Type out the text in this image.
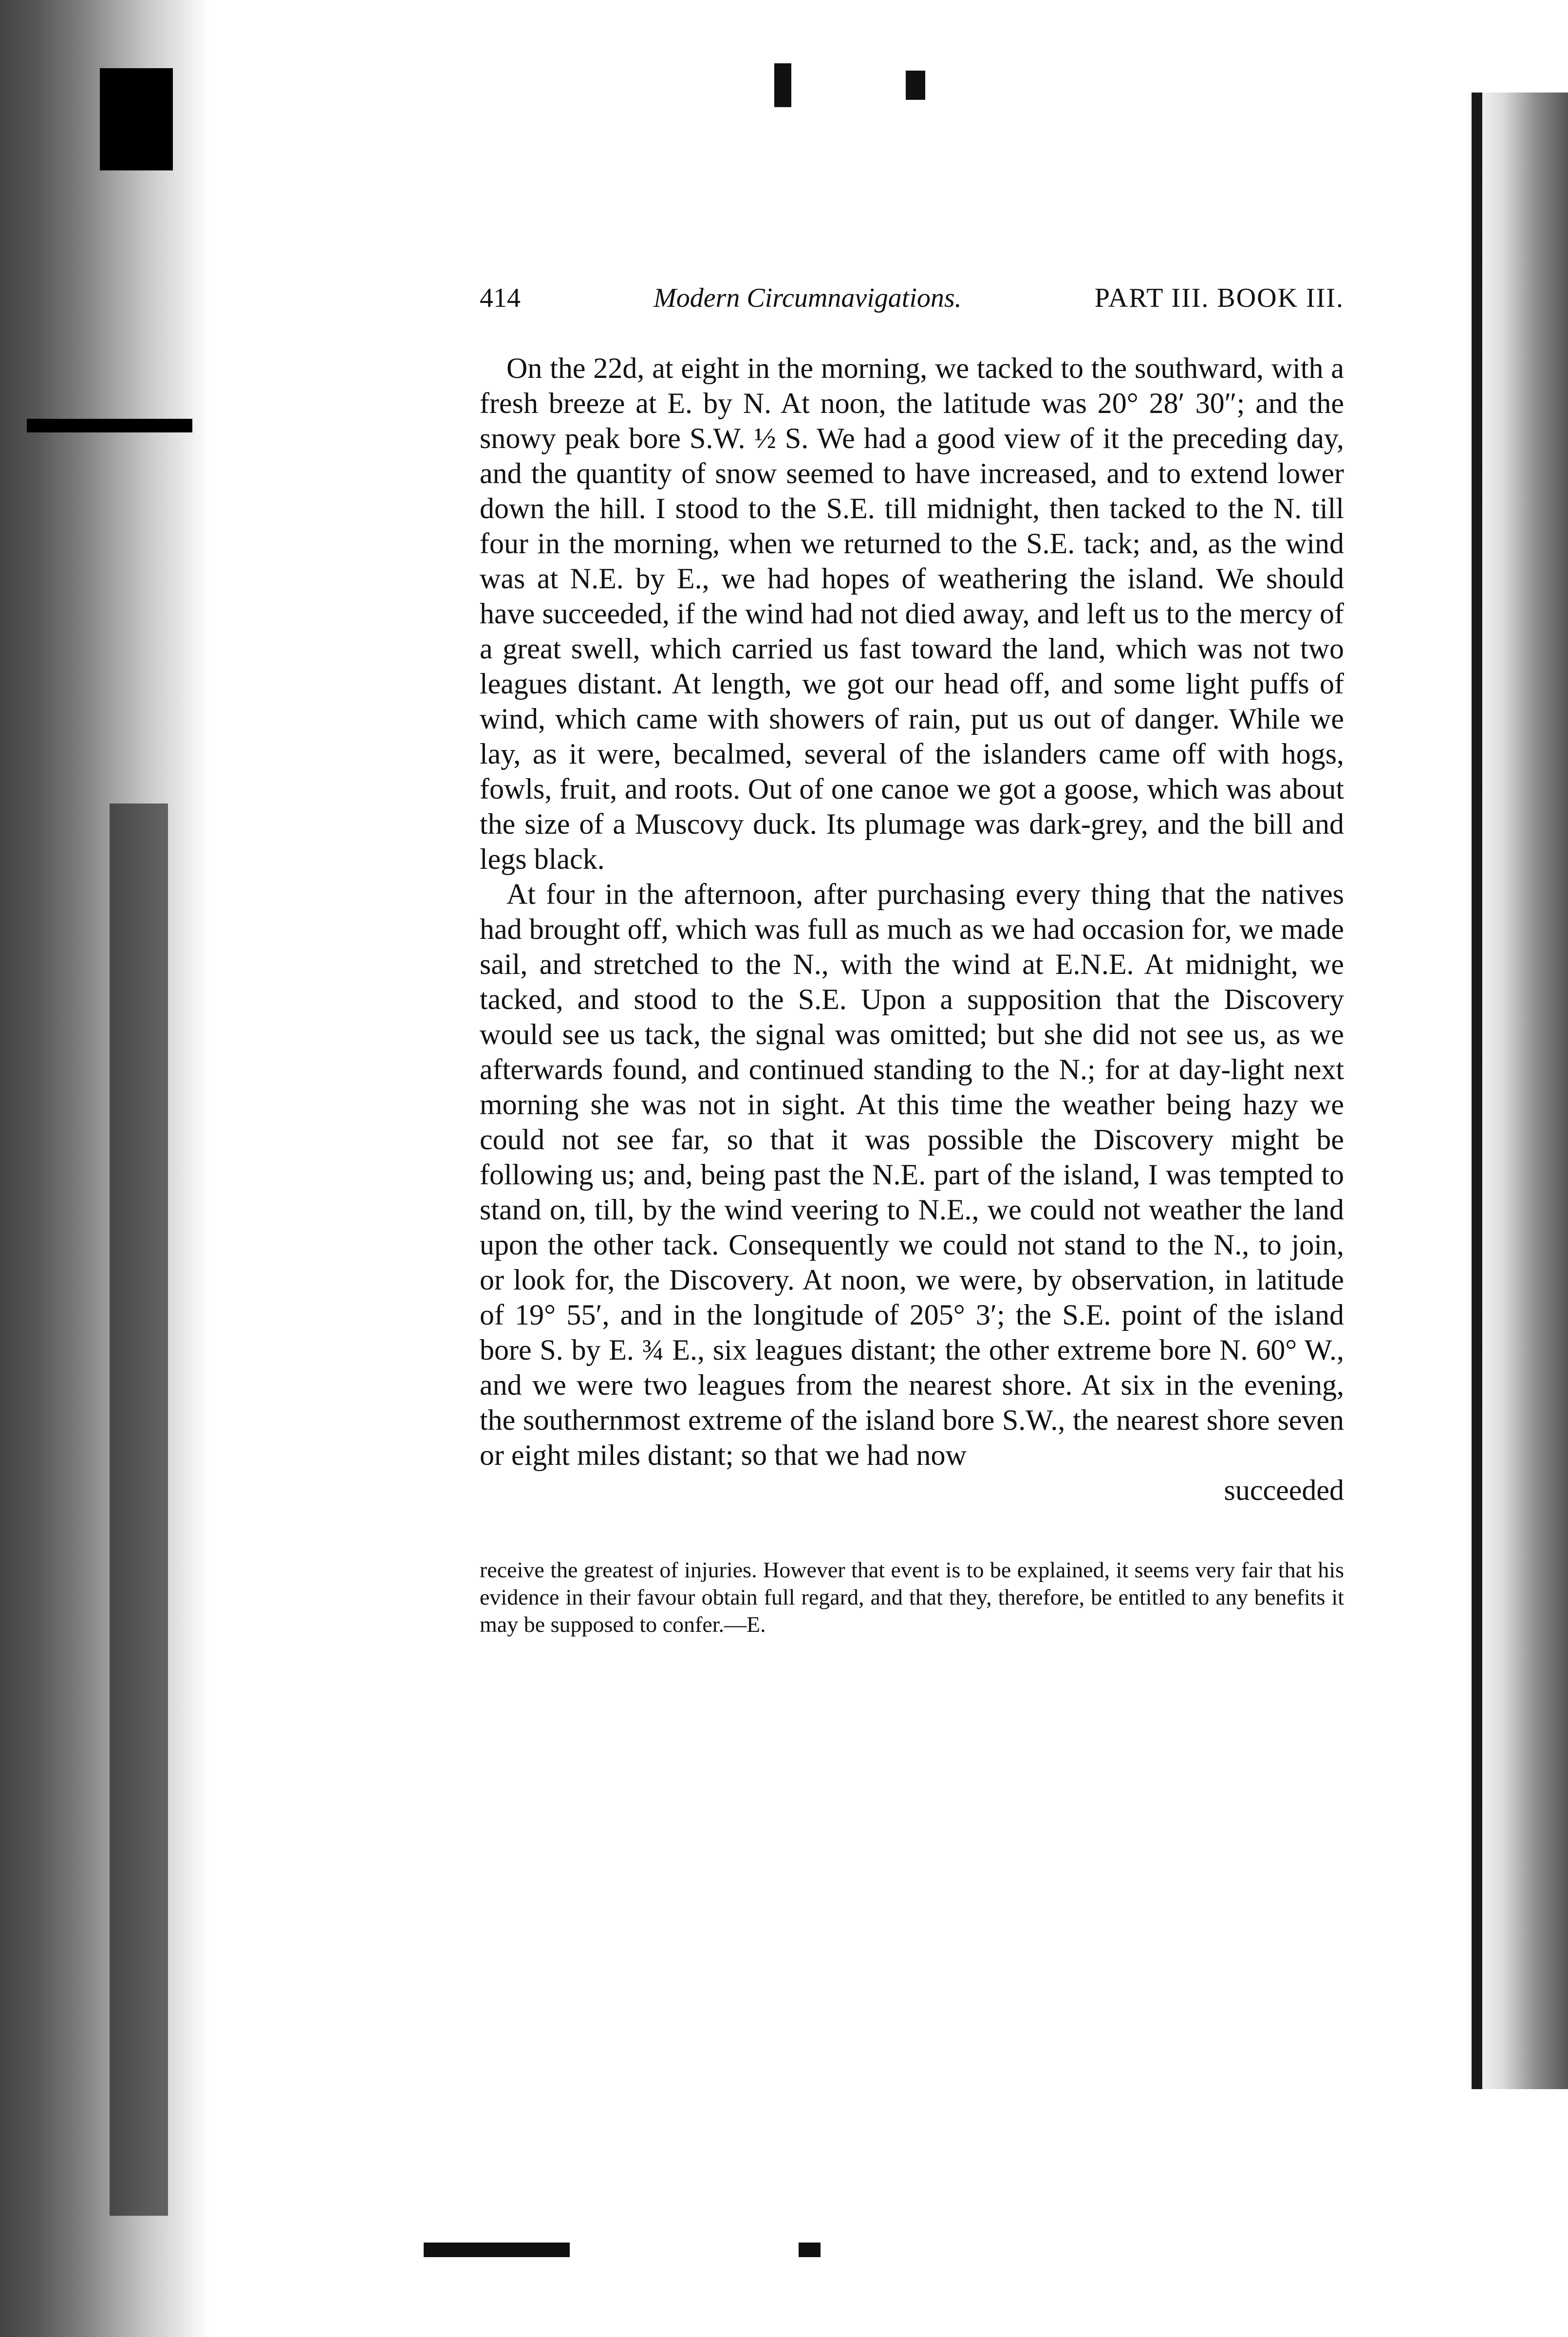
414	Modern Circumnavigations.	PART III. BOOK III.

On the 22d, at eight in the morning, we tacked to the southward, with a fresh breeze at E. by N. At noon, the latitude was 20° 28′ 30″; and the snowy peak bore S.W. ½ S. We had a good view of it the preceding day, and the quantity of snow seemed to have increased, and to extend lower down the hill. I stood to the S.E. till midnight, then tacked to the N. till four in the morning, when we returned to the S.E. tack; and, as the wind was at N.E. by E., we had hopes of weathering the island. We should have succeeded, if the wind had not died away, and left us to the mercy of a great swell, which carried us fast toward the land, which was not two leagues distant. At length, we got our head off, and some light puffs of wind, which came with showers of rain, put us out of danger. While we lay, as it were, becalmed, several of the islanders came off with hogs, fowls, fruit, and roots. Out of one canoe we got a goose, which was about the size of a Muscovy duck. Its plumage was dark-grey, and the bill and legs black.

At four in the afternoon, after purchasing every thing that the natives had brought off, which was full as much as we had occasion for, we made sail, and stretched to the N., with the wind at E.N.E. At midnight, we tacked, and stood to the S.E. Upon a supposition that the Discovery would see us tack, the signal was omitted; but she did not see us, as we afterwards found, and continued standing to the N.; for at day-light next morning she was not in sight. At this time the weather being hazy we could not see far, so that it was possible the Discovery might be following us; and, being past the N.E. part of the island, I was tempted to stand on, till, by the wind veering to N.E., we could not weather the land upon the other tack. Consequently we could not stand to the N., to join, or look for, the Discovery. At noon, we were, by observation, in latitude of 19° 55′, and in the longitude of 205° 3′; the S.E. point of the island bore S. by E. ¾ E., six leagues distant; the other extreme bore N. 60° W., and we were two leagues from the nearest shore. At six in the evening, the southernmost extreme of the island bore S.W., the nearest shore seven or eight miles distant; so that we had now

succeeded

receive the greatest of injuries. However that event is to be explained, it seems very fair that his evidence in their favour obtain full regard, and that they, therefore, be entitled to any benefits it may be supposed to confer.—E.
